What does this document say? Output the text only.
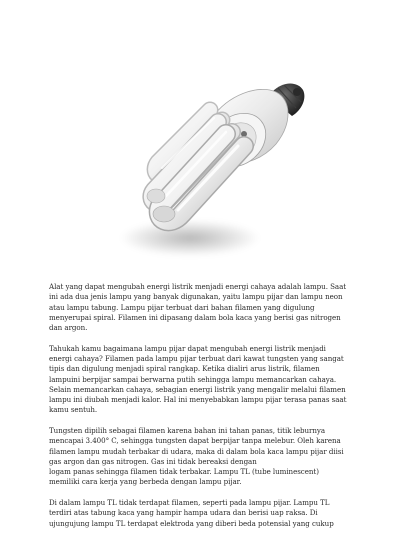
Alat yang dapat mengubah energi listrik menjadi energi cahaya adalah lampu. Saat
ini ada dua jenis lampu yang banyak digunakan, yaitu lampu pijar dan lampu neon
atau lampu tabung. Lampu pijar terbuat dari bahan filamen yang digulung
menyerupai spiral. Filamen ini dipasang dalam bola kaca yang berisi gas nitrogen
dan argon.

Tahukah kamu bagaimana lampu pijar dapat mengubah energi listrik menjadi
energi cahaya? Filamen pada lampu pijar terbuat dari kawat tungsten yang sangat
tipis dan digulung menjadi spiral rangkap. Ketika dialiri arus listrik, filamen
lampuini berpijar sampai berwarna putih sehingga lampu memancarkan cahaya.
Selain memancarkan cahaya, sebagian energi listrik yang mengalir melalui filamen
lampu ini diubah menjadi kalor. Hal ini menyebabkan lampu pijar terasa panas saat
kamu sentuh.

Tungsten dipilih sebagai filamen karena bahan ini tahan panas, titik leburnya
mencapai 3.400° C, sehingga tungsten dapat berpijar tanpa melebur. Oleh karena
filamen lampu mudah terbakar di udara, maka di dalam bola kaca lampu pijar diisi
gas argon dan gas nitrogen. Gas ini tidak bereaksi dengan
logam panas sehingga filamen tidak terbakar. Lampu TL (tube luminescent)
memiliki cara kerja yang berbeda dengan lampu pijar.

Di dalam lampu TL tidak terdapat filamen, seperti pada lampu pijar. Lampu TL
terdiri atas tabung kaca yang hampir hampa udara dan berisi uap raksa. Di
ujungujung lampu TL terdapat elektroda yang diberi beda potensial yang cukup
